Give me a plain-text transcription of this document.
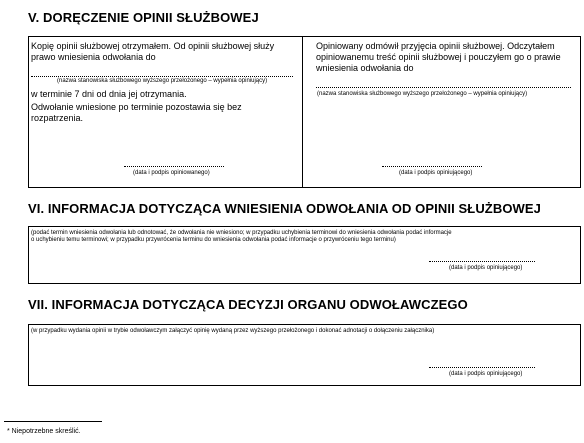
V. DORĘCZENIE OPINII SŁUŻBOWEJ
Kopię opinii służbowej otrzymałem. Od opinii służbowej służy
prawo wniesienia odwołania do
(nazwa stanowiska służbowego wyższego przełożonego – wypełnia opiniujący)
w terminie 7 dni od dnia jej otrzymania.
Odwołanie wniesione po terminie pozostawia się bez
rozpatrzenia.
(data i podpis opiniowanego)
Opiniowany odmówił przyjęcia opinii służbowej. Odczytałem
opiniowanemu treść opinii służbowej i pouczyłem go o prawie
wniesienia odwołania do
(nazwa stanowiska służbowego wyższego przełożonego – wypełnia opiniujący)
(data i podpis opiniującego)
VI. INFORMACJA DOTYCZĄCA WNIESIENIA ODWOŁANIA OD OPINII SŁUŻBOWEJ
(podać termin wniesienia odwołania lub odnotować, że odwołania nie wniesiono; w przypadku uchybienia terminowi do wniesienia odwołania podać informacje
o uchybieniu temu terminowi; w przypadku przywrócenia terminu do wniesienia odwołania podać informacje o przywróceniu tego terminu)
(data i podpis opiniującego)
VII. INFORMACJA DOTYCZĄCA DECYZJI ORGANU ODWOŁAWCZEGO
(w przypadku wydania opinii w trybie odwoławczym załączyć opinię wydaną przez wyższego przełożonego i dokonać adnotacji o dołączeniu załącznika)
(data i podpis opiniującego)
* Niepotrzebne skreślić.
